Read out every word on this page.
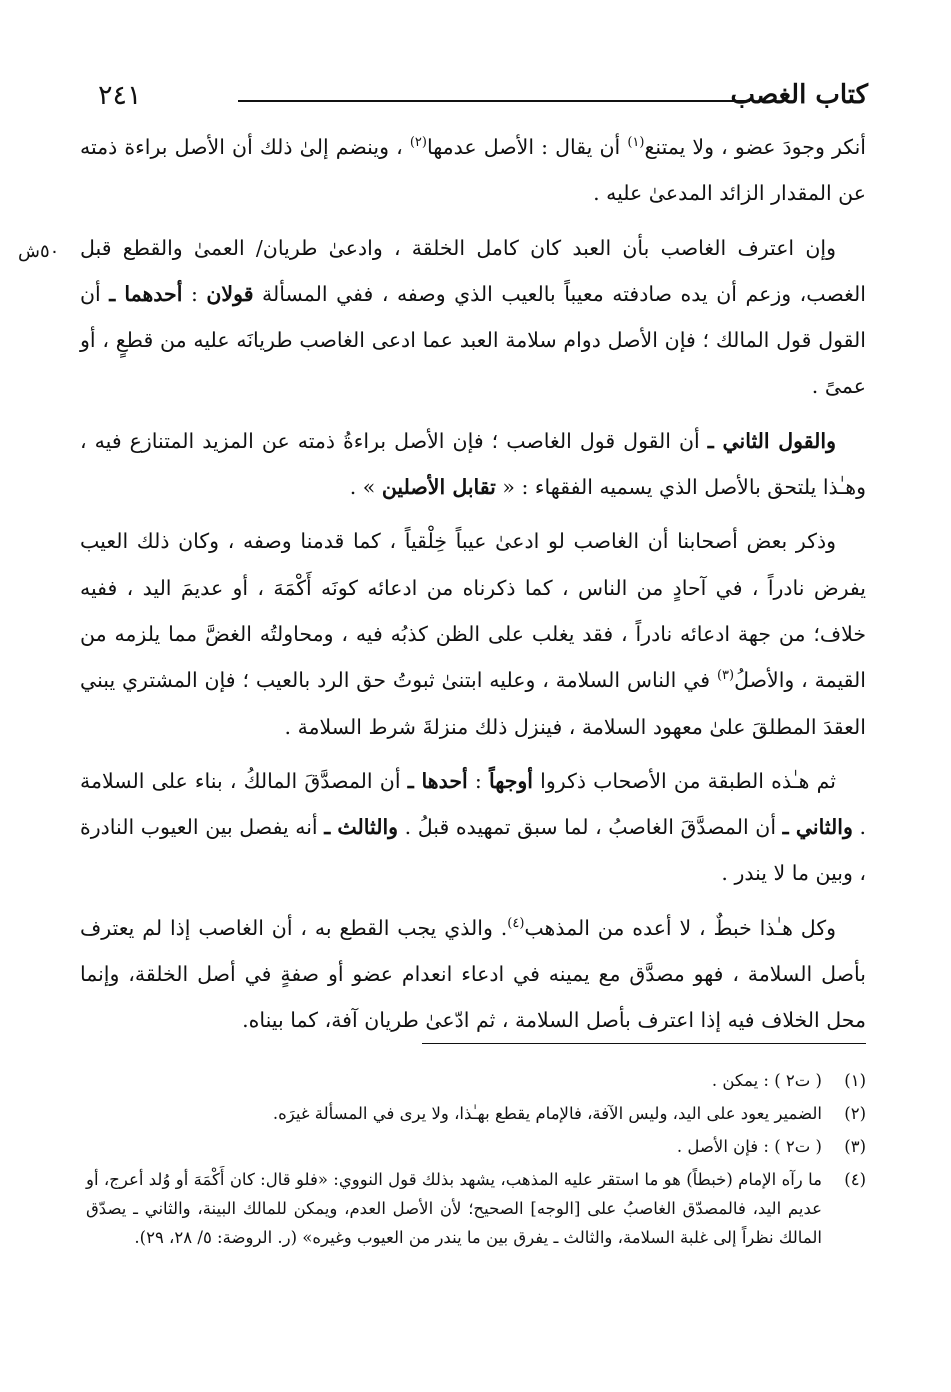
٢٤١	كتاب الغصب
٥٠ش

أنكر وجودَ عضو ، ولا يمتنع$^{(١)}$ أن يقال : الأصل عدمها$^{(٢)}$ ، وينضم إلىٰ ذلك أن الأصل براءة ذمته عن المقدار الزائد المدعىٰ عليه .

وإن اعترف الغاصب بأن العبد كان كامل الخلقة ، وادعىٰ طريان/ العمىٰ والقطع قبل الغصب، وزعم أن يده صادفته معيباً بالعيب الذي وصفه ، ففي المسألة قولان : أحدهما ـ أن القول قول المالك ؛ فإن الأصل دوام سلامة العبد عما ادعى الغاصب طريانَه عليه من قطعٍ ، أو عمىً .

والقول الثاني ـ أن القول قول الغاصب ؛ فإن الأصل براءةُ ذمته عن المزيد المتنازع فيه ، وهـٰذا يلتحق بالأصل الذي يسميه الفقهاء : « تقابل الأصلين » .

وذكر بعض أصحابنا أن الغاصب لو ادعىٰ عيباً خِلْقياً ، كما قدمنا وصفه ، وكان ذلك العيب يفرض نادراً ، في آحادٍ من الناس ، كما ذكرناه من ادعائه كونَه أَكْمَهَ ، أو عديمَ اليد ، ففيه خلاف؛ من جهة ادعائه نادراً ، فقد يغلب على الظن كذبُه فيه ، ومحاولتُه الغضَّ مما يلزمه من القيمة ، والأصلُ$^{(٣)}$ في الناس السلامة ، وعليه ابتنىٰ ثبوتُ حق الرد بالعيب ؛ فإن المشتري يبني العقدَ المطلقَ علىٰ معهود السلامة ، فينزل ذلك منزلةَ شرط السلامة .

ثم هـٰذه الطبقة من الأصحاب ذكروا أوجهاً : أحدها ـ أن المصدَّقَ المالكُ ، بناء على السلامة . والثاني ـ أن المصدَّقَ الغاصبُ ، لما سبق تمهيده قبلُ . والثالث ـ أنه يفصل بين العيوب النادرة ، وبين ما لا يندر .

وكل هـٰذا خبطٌ ، لا أعده من المذهب$^{(٤)}$. والذي يجب القطع به ، أن الغاصب إذا لم يعترف بأصل السلامة ، فهو مصدَّق مع يمينه في ادعاء انعدام عضو أو صفةٍ في أصل الخلقة، وإنما محل الخلاف فيه إذا اعترف بأصل السلامة ، ثم ادّعىٰ طريان آفة، كما بيناه.

(١)
( ت٢ ) : يمكن .
(٢)
الضمير يعود على اليد، وليس الآفة، فالإمام يقطع بهـٰذا، ولا يرى في المسألة غيرَه.
(٣)
( ت٢ ) : فإن الأصل .
(٤)
ما رآه الإمام (خبطاً) هو ما استقر عليه المذهب، يشهد بذلك قول النووي: «فلو قال: كان أَكْمَهَ أو وُلد أعرج، أو عديم اليد، فالمصدّق الغاصبُ على [الوجه] الصحيح؛ لأن الأصل العدم، ويمكن للمالك البينة، والثاني ـ يصدّق المالك نظراً إلى غلبة السلامة، والثالث ـ يفرق بين ما يندر من العيوب وغيره» (ر. الروضة: ٥/ ٢٨، ٢٩).
